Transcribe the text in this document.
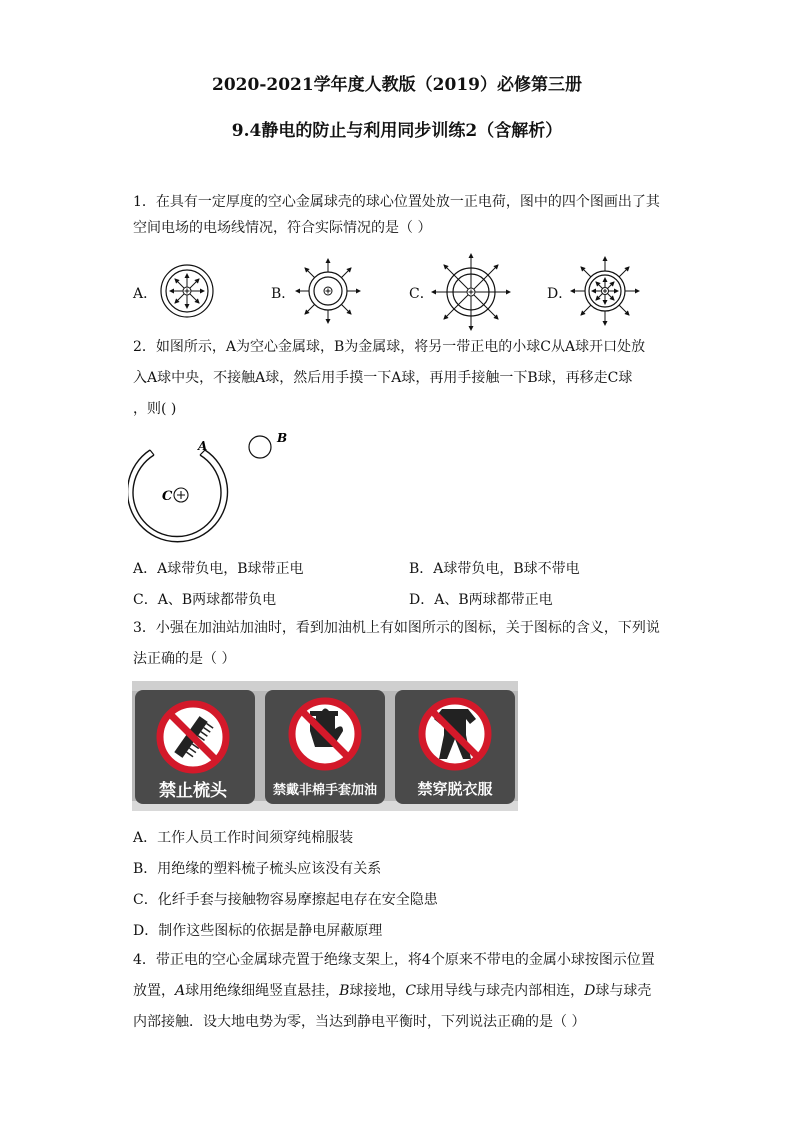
2020-2021学年度人教版（2019）必修第三册
9.4静电的防止与利用同步训练2（含解析）
1．在具有一定厚度的空心金属球壳的球心位置处放一正电荷，图中的四个图画出了其
空间电场的电场线情况，符合实际情况的是（ ）
A．	B．	C．	D．
2．如图所示，A为空心金属球，B为金属球，将另一带正电的小球C从A球开口处放
入A球中央，不接触A球，然后用手摸一下A球，再用手接触一下B球，再移走C球
，则( )
A
B
C
A．A球带负电，B球带正电	B．A球带负电，B球不带电
C．A、B两球都带负电	D．A、B两球都带正电
3．小强在加油站加油时，看到加油机上有如图所示的图标，关于图标的含义，下列说
法正确的是（ ）
禁止梳头	禁戴非棉手套加油	禁穿脱衣服
A．工作人员工作时间须穿纯棉服装
B．用绝缘的塑料梳子梳头应该没有关系
C．化纤手套与接触物容易摩擦起电存在安全隐患
D．制作这些图标的依据是静电屏蔽原理
4．带正电的空心金属球壳置于绝缘支架上，将4个原来不带电的金属小球按图示位置
放置，A球用绝缘细绳竖直悬挂，B球接地，C球用导线与球壳内部相连，D球与球壳
内部接触．设大地电势为零，当达到静电平衡时，下列说法正确的是（ ）
